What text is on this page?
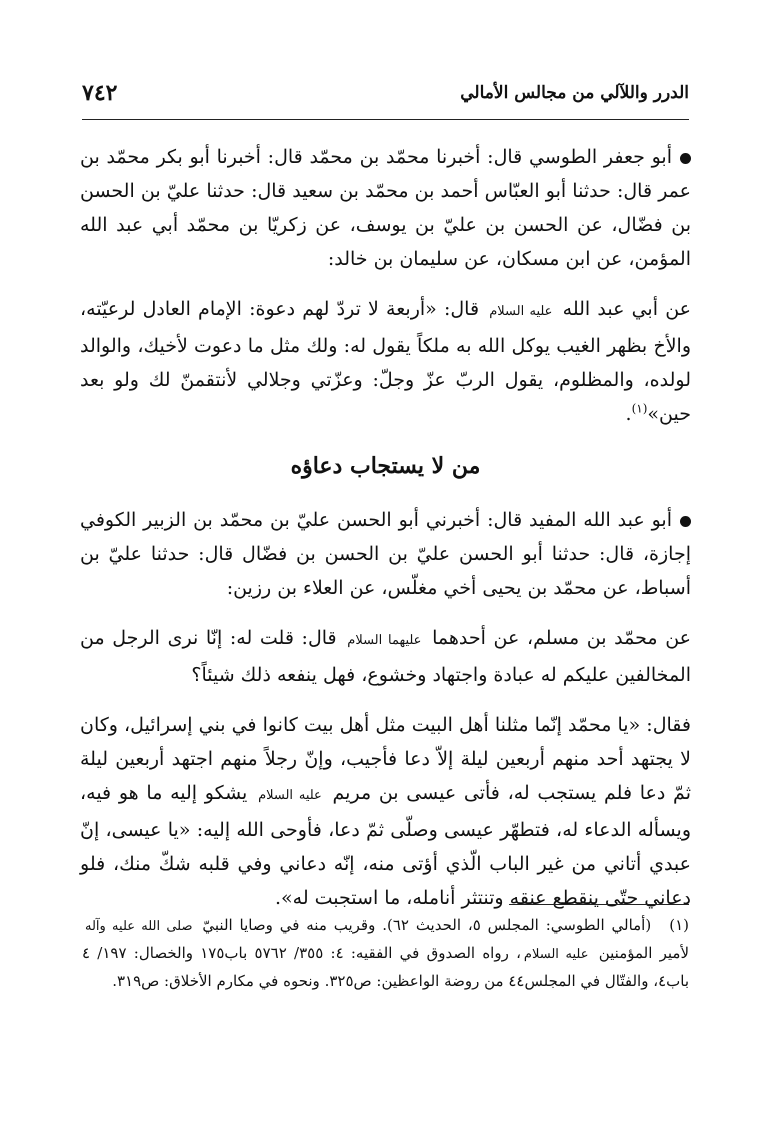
الدرر واللآلي من مجالس الأمالي
٧٤٢

أبو جعفر الطوسي قال: أخبرنا محمّد بن محمّد قال: أخبرنا أبو بكر محمّد بن عمر قال: حدثنا أبو العبّاس أحمد بن محمّد بن سعيد قال: حدثنا عليّ بن الحسن بن فضّال، عن الحسن بن عليّ بن يوسف، عن زكريّا بن محمّد أبي عبد الله المؤمن، عن ابن مسكان، عن سليمان بن خالد:

عن أبي عبد الله عليه السلام قال: «أربعة لا تردّ لهم دعوة: الإمام العادل لرعيّته، والأخ بظهر الغيب يوكل الله به ملكاً يقول له: ولك مثل ما دعوت لأخيك، والوالد لولده، والمظلوم، يقول الربّ عزّ وجلّ: وعزّتي وجلالي لأنتقمنّ لك ولو بعد حين»$^{(١)}$.

من لا يستجاب دعاؤه

أبو عبد الله المفيد قال: أخبرني أبو الحسن عليّ بن محمّد بن الزبير الكوفي إجازة، قال: حدثنا أبو الحسن عليّ بن الحسن بن فضّال قال: حدثنا عليّ بن أسباط، عن محمّد بن يحيى أخي مغلّس، عن العلاء بن رزين:

عن محمّد بن مسلم، عن أحدهما عليهما السلام قال: قلت له: إنّا نرى الرجل من المخالفين عليكم له عبادة واجتهاد وخشوع، فهل ينفعه ذلك شيئاً؟

فقال: «يا محمّد إنّما مثلنا أهل البيت مثل أهل بيت كانوا في بني إسرائيل، وكان لا يجتهد أحد منهم أربعين ليلة إلاّ دعا فأجيب، وإنّ رجلاً منهم اجتهد أربعين ليلة ثمّ دعا فلم يستجب له، فأتى عيسى بن مريم عليه السلام يشكو إليه ما هو فيه، ويسأله الدعاء له، فتطهّر عيسى وصلّى ثمّ دعا، فأوحى الله إليه: «يا عيسى، إنّ عبدي أتاني من غير الباب الّذي أؤتى منه، إنّه دعاني وفي قلبه شكّ منك، فلو دعاني حتّى ينقطع عنقه وتنتثر أنامله، ما استجبت له».

(١)(أمالي الطوسي: المجلس ٥، الحديث ٦٢). وقريب منه في وصايا النبيّ صلى الله عليه وآله لأمير المؤمنين عليه السلام، رواه الصدوق في الفقيه: ٤: ٣٥٥/ ٥٧٦٢ باب١٧٥ والخصال: ١٩٧/ ٤ باب٤، والفتّال في المجلس٤٤ من روضة الواعظين: ص٣٢٥. ونحوه في مكارم الأخلاق: ص٣١٩.
